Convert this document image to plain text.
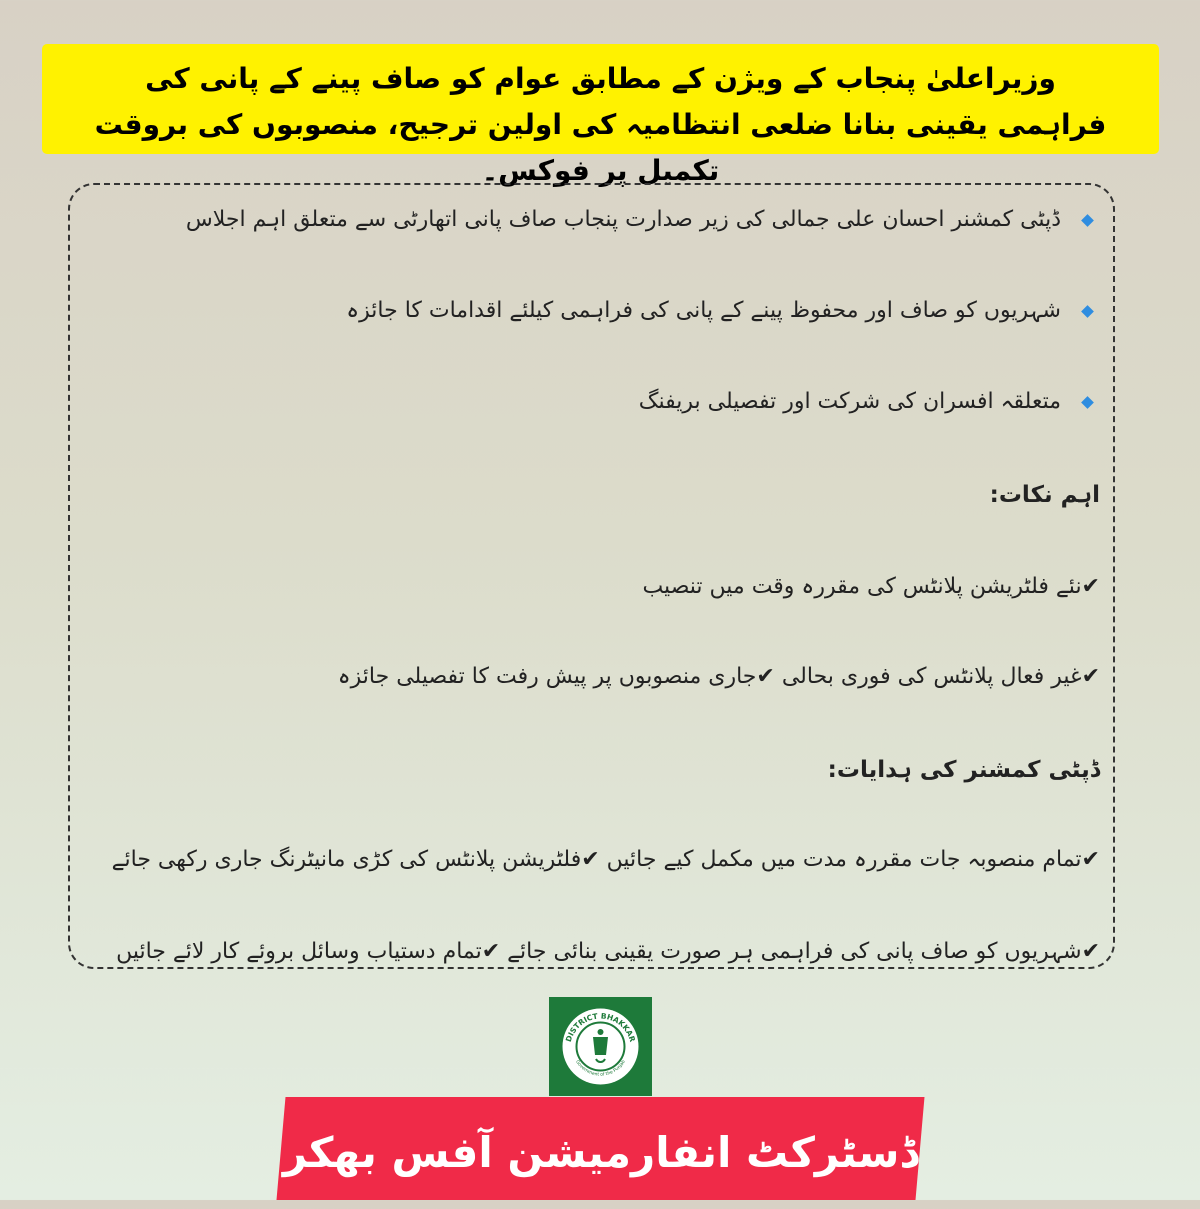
وزیراعلیٰ پنجاب کے ویژن کے مطابق عوام کو صاف پینے کے پانی کی
فراہمی یقینی بنانا ضلعی انتظامیہ کی اولین ترجیح، منصوبوں کی بروقت تکمیل پر فوکس۔
ڈپٹی کمشنر احسان علی جمالی کی زیر صدارت پنجاب صاف پانی اتھارٹی سے متعلق اہم اجلاس
شہریوں کو صاف اور محفوظ پینے کے پانی کی فراہمی کیلئے اقدامات کا جائزہ
متعلقہ افسران کی شرکت اور تفصیلی بریفنگ
اہم نکات:
✔نئے فلٹریشن پلانٹس کی مقررہ وقت میں تنصیب
✔غیر فعال پلانٹس کی فوری بحالی ✔جاری منصوبوں پر پیش رفت کا تفصیلی جائزہ
ڈپٹی کمشنر کی ہدایات:
✔تمام منصوبہ جات مقررہ مدت میں مکمل کیے جائیں ✔فلٹریشن پلانٹس کی کڑی مانیٹرنگ جاری رکھی جائے
✔شہریوں کو صاف پانی کی فراہمی ہر صورت یقینی بنائی جائے ✔تمام دستیاب وسائل بروئے کار لائے جائیں
DISTRICT BHAKKAR
Government of the Punjab
ڈسٹرکٹ انفارمیشن آفس بھکر
